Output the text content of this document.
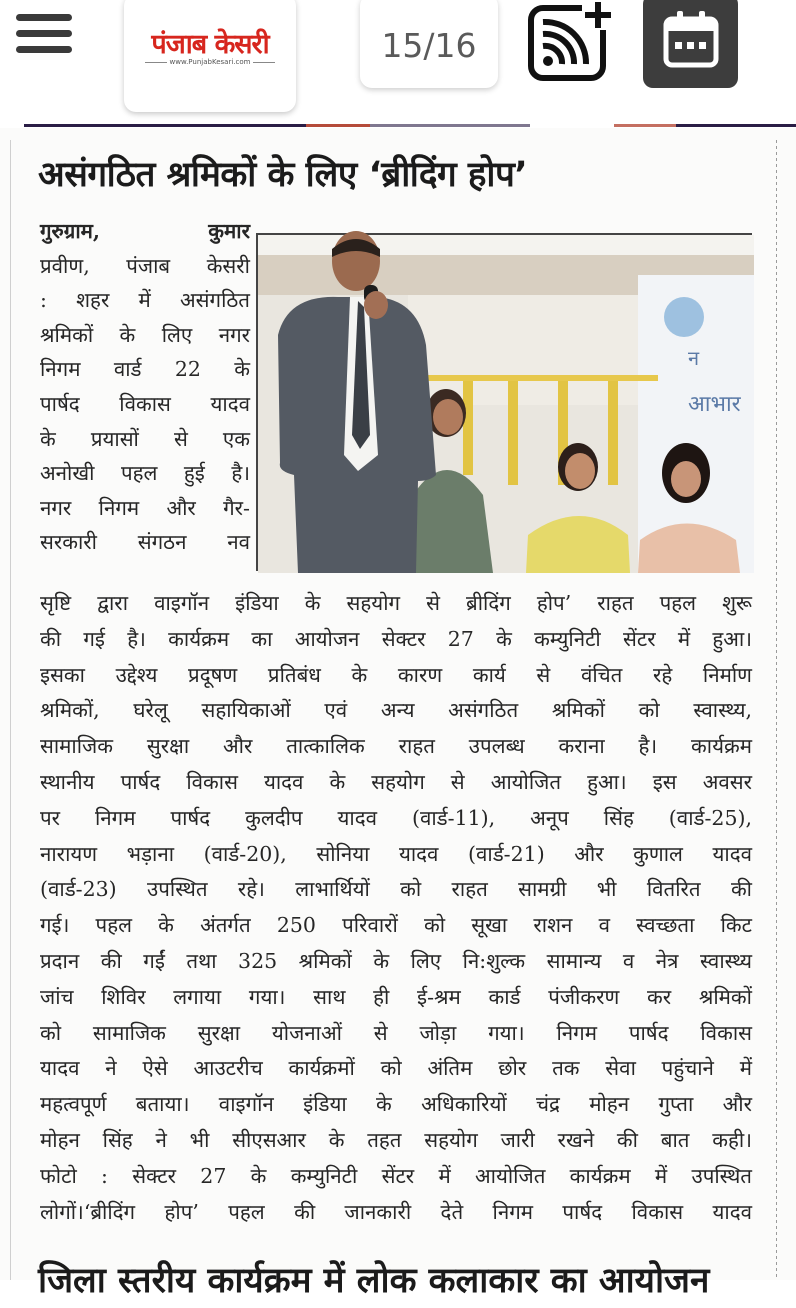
पंजाब केसरी
www.PunjabKesari.com	15/16
असंगठित श्रमिकों के लिए ‘ब्रीदिंग होप’
गुरुग्राम, कुमार
प्रवीण, पंजाब केसरी
: शहर में असंगठित
श्रमिकों के लिए नगर
निगम वार्ड 22 के
पार्षद विकास यादव
के प्रयासों से एक
अनोखी पहल हुई है।
नगर निगम और गैर-
सरकारी संगठन नव
न
आभार
सृष्टि द्वारा वाइगॉन इंडिया के सहयोग से ब्रीदिंग होप’ राहत पहल शुरू
की गई है। कार्यक्रम का आयोजन सेक्टर 27 के कम्युनिटी सेंटर में हुआ।
इसका उद्देश्य प्रदूषण प्रतिबंध के कारण कार्य से वंचित रहे निर्माण
श्रमिकों, घरेलू सहायिकाओं एवं अन्य असंगठित श्रमिकों को स्वास्थ्य,
सामाजिक सुरक्षा और तात्कालिक राहत उपलब्ध कराना है। कार्यक्रम
स्थानीय पार्षद विकास यादव के सहयोग से आयोजित हुआ। इस अवसर
पर निगम पार्षद कुलदीप यादव (वार्ड-11), अनूप सिंह (वार्ड-25),
नारायण भड़ाना (वार्ड-20), सोनिया यादव (वार्ड-21) और कुणाल यादव
(वार्ड-23) उपस्थित रहे। लाभार्थियों को राहत सामग्री भी वितरित की
गई। पहल के अंतर्गत 250 परिवारों को सूखा राशन व स्वच्छता किट
प्रदान की गईं तथा 325 श्रमिकों के लिए नि:शुल्क सामान्य व नेत्र स्वास्थ्य
जांच शिविर लगाया गया। साथ ही ई-श्रम कार्ड पंजीकरण कर श्रमिकों
को सामाजिक सुरक्षा योजनाओं से जोड़ा गया। निगम पार्षद विकास
यादव ने ऐसे आउटरीच कार्यक्रमों को अंतिम छोर तक सेवा पहुंचाने में
महत्वपूर्ण बताया। वाइगॉन इंडिया के अधिकारियों चंद्र मोहन गुप्ता और
मोहन सिंह ने भी सीएसआर के तहत सहयोग जारी रखने की बात कही।
फोटो : सेक्टर 27 के कम्युनिटी सेंटर में आयोजित कार्यक्रम में उपस्थित
लोगों।‘ब्रीदिंग होप’ पहल की जानकारी देते निगम पार्षद विकास यादव
जिला स्तरीय कार्यक्रम में लोक कलाकार का आयोजन
